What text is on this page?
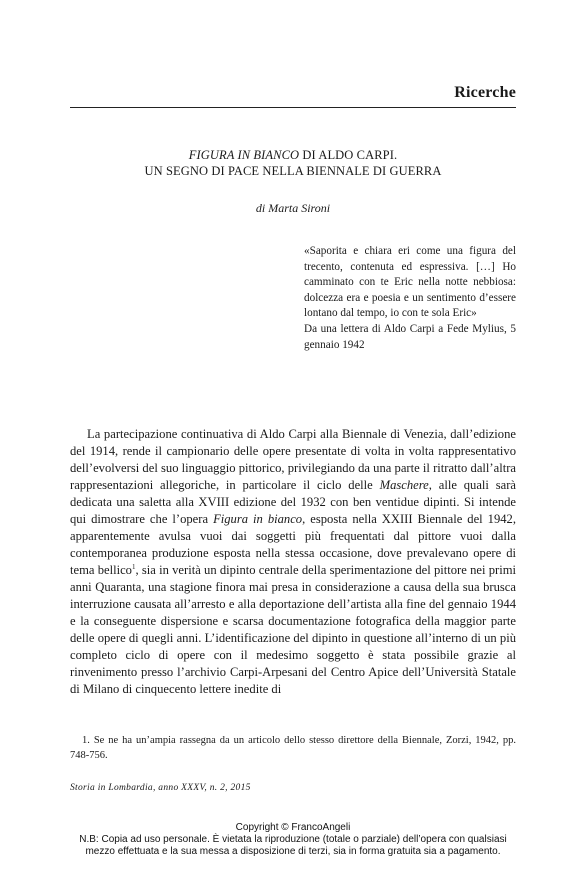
Ricerche
FIGURA IN BIANCO DI ALDO CARPI.
UN SEGNO DI PACE NELLA BIENNALE DI GUERRA
di Marta Sironi

«Saporita e chiara eri come una figura del trecento, contenuta ed espressiva. […] Ho camminato con te Eric nella notte nebbiosa: dolcezza era e poesia e un sentimento d’essere lontano dal tempo, io con te sola Eric»

Da una lettera di Aldo Carpi a Fede Mylius, 5 gennaio 1942

La partecipazione continuativa di Aldo Carpi alla Biennale di Venezia, dall’edizione del 1914, rende il campionario delle opere presentate di volta in volta rappresentativo dell’evolversi del suo linguaggio pittorico, privilegiando da una parte il ritratto dall’altra rappresentazioni allegoriche, in particolare il ciclo delle Maschere, alle quali sarà dedicata una saletta alla XVIII edizione del 1932 con ben ventidue dipinti. Si intende qui dimostrare che l’opera Figura in bianco, esposta nella XXIII Biennale del 1942, apparentemente avulsa vuoi dai soggetti più frequentati dal pittore vuoi dalla contemporanea produzione esposta nella stessa occasione, dove prevalevano opere di tema bellico$^1$, sia in verità un dipinto centrale della sperimentazione del pittore nei primi anni Quaranta, una stagione finora mai presa in considerazione a causa della sua brusca interruzione causata all’arresto e alla deportazione dell’artista alla fine del gennaio 1944 e la conseguente dispersione e scarsa documentazione fotografica della maggior parte delle opere di quegli anni. L’identificazione del dipinto in questione all’interno di un più completo ciclo di opere con il medesimo soggetto è stata possibile grazie al rinvenimento presso l’archivio Carpi-Arpesani del Centro Apice dell’Università Statale di Milano di cinquecento lettere inedite di

1. Se ne ha un’ampia rassegna da un articolo dello stesso direttore della Biennale, Zorzi, 1942, pp. 748-756.

Storia in Lombardia, anno XXXV, n. 2, 2015
Copyright © FrancoAngeli
N.B: Copia ad uso personale. È vietata la riproduzione (totale o parziale) dell’opera con qualsiasi
mezzo effettuata e la sua messa a disposizione di terzi, sia in forma gratuita sia a pagamento.
